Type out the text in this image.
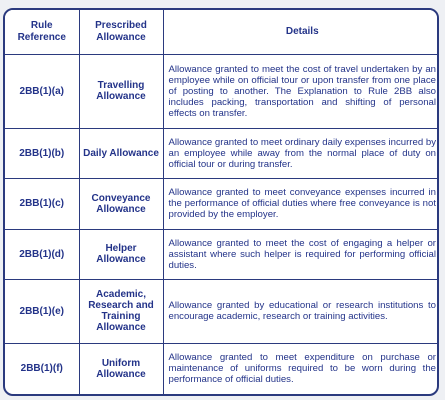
Rule Reference	Prescribed Allowance	Details
2BB(1)(a)	Travelling Allowance	Allowance granted to meet the cost of travel undertaken by an employee while on official tour or upon transfer from one place of posting to another. The Explanation to Rule 2BB also includes packing, transportation and shifting of personal effects on transfer.
2BB(1)(b)	Daily Allowance	Allowance granted to meet ordinary daily expenses incurred by an employee while away from the normal place of duty on official tour or during transfer.
2BB(1)(c)	Conveyance Allowance	Allowance granted to meet conveyance expenses incurred in the performance of official duties where free conveyance is not provided by the employer.
2BB(1)(d)	Helper Allowance	Allowance granted to meet the cost of engaging a helper or assistant where such helper is required for performing official duties.
2BB(1)(e)	Academic, Research and Training Allowance	Allowance granted by educational or research institutions to encourage academic, research or training activities.
2BB(1)(f)	Uniform Allowance	Allowance granted to meet expenditure on purchase or maintenance of uniforms required to be worn during the performance of official duties.
